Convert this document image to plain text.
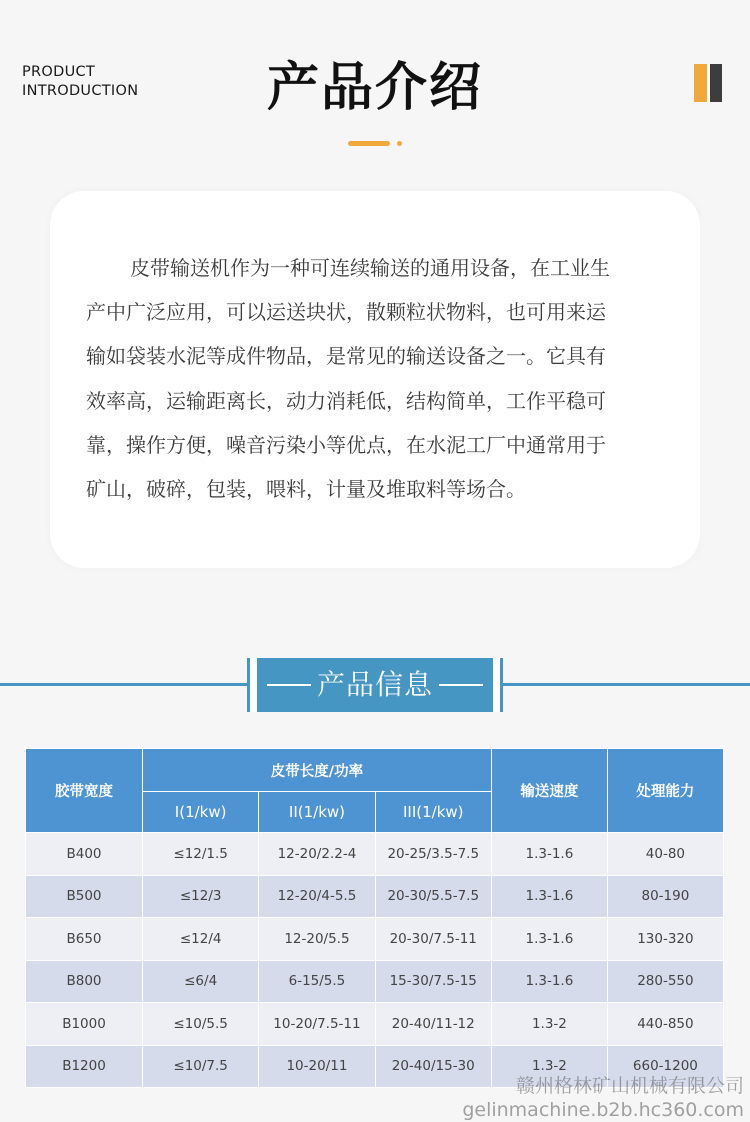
PRODUCT
INTRODUCTION	产品介绍
皮带输送机作为一种可连续输送的通用设备，在工业生
产中广泛应用，可以运送块状，散颗粒状物料，也可用来运
输如袋装水泥等成件物品，是常见的输送设备之一。它具有
效率高，运输距离长，动力消耗低，结构简单，工作平稳可
靠，操作方便，噪音污染小等优点，在水泥工厂中通常用于
矿山，破碎，包装，喂料，计量及堆取料等场合。
产品信息
胶带宽度	皮带长度/功率			输送速度	处理能力
	I(1/kw)	II(1/kw)	III(1/kw)		
B400	≤12/1.5	12-20/2.2-4	20-25/3.5-7.5	1.3-1.6	40-80
B500	≤12/3	12-20/4-5.5	20-30/5.5-7.5	1.3-1.6	80-190
B650	≤12/4	12-20/5.5	20-30/7.5-11	1.3-1.6	130-320
B800	≤6/4	6-15/5.5	15-30/7.5-15	1.3-1.6	280-550
B1000	≤10/5.5	10-20/7.5-11	20-40/11-12	1.3-2	440-850
B1200	≤10/7.5	10-20/11	20-40/15-30	1.3-2	660-1200
赣州格林矿山机械有限公司
gelinmachine.b2b.hc360.com
